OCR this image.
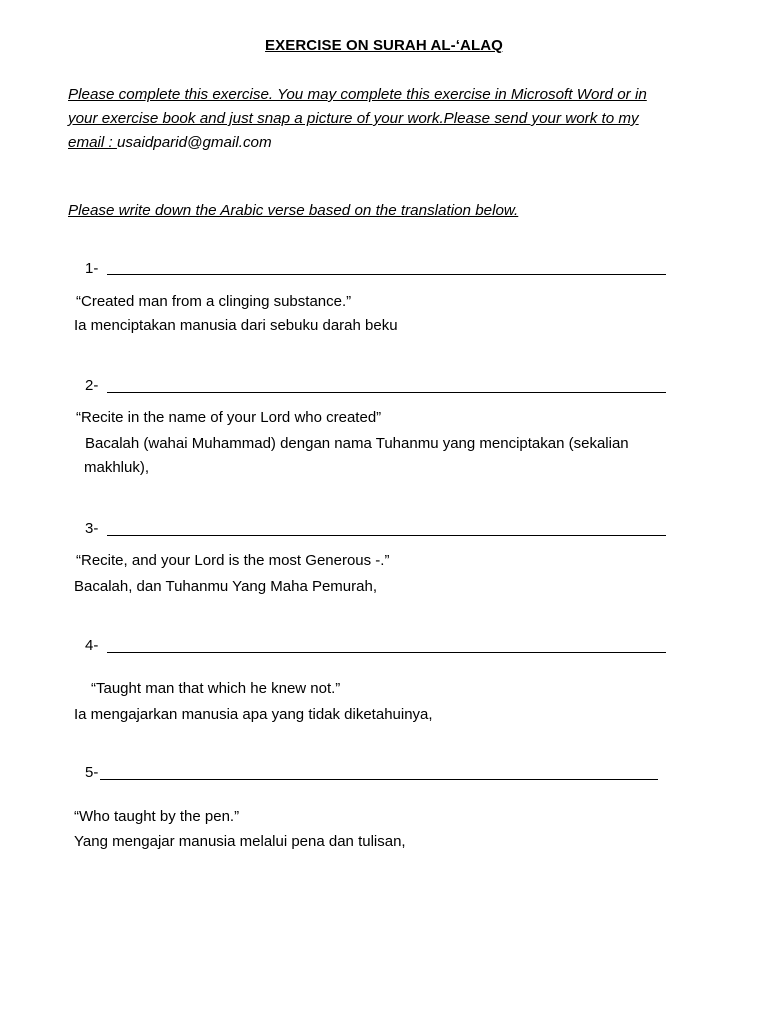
EXERCISE ON SURAH AL-‘ALAQ
Please complete this exercise. You may complete this exercise in Microsoft Word or in
your exercise book and just snap a picture of your work.Please send your work to my
email : usaidparid@gmail.com
Please write down the Arabic verse based on the translation below.
1-
“Created man from a clinging substance.”
Ia menciptakan manusia dari sebuku darah beku
2-
“Recite in the name of your Lord who created”
Bacalah (wahai Muhammad) dengan nama Tuhanmu yang menciptakan (sekalian
makhluk),
3-
“Recite, and your Lord is the most Generous -.”
Bacalah, dan Tuhanmu Yang Maha Pemurah,
4-
“Taught man that which he knew not.”
Ia mengajarkan manusia apa yang tidak diketahuinya,
5-
“Who taught by the pen.”
Yang mengajar manusia melalui pena dan tulisan,
